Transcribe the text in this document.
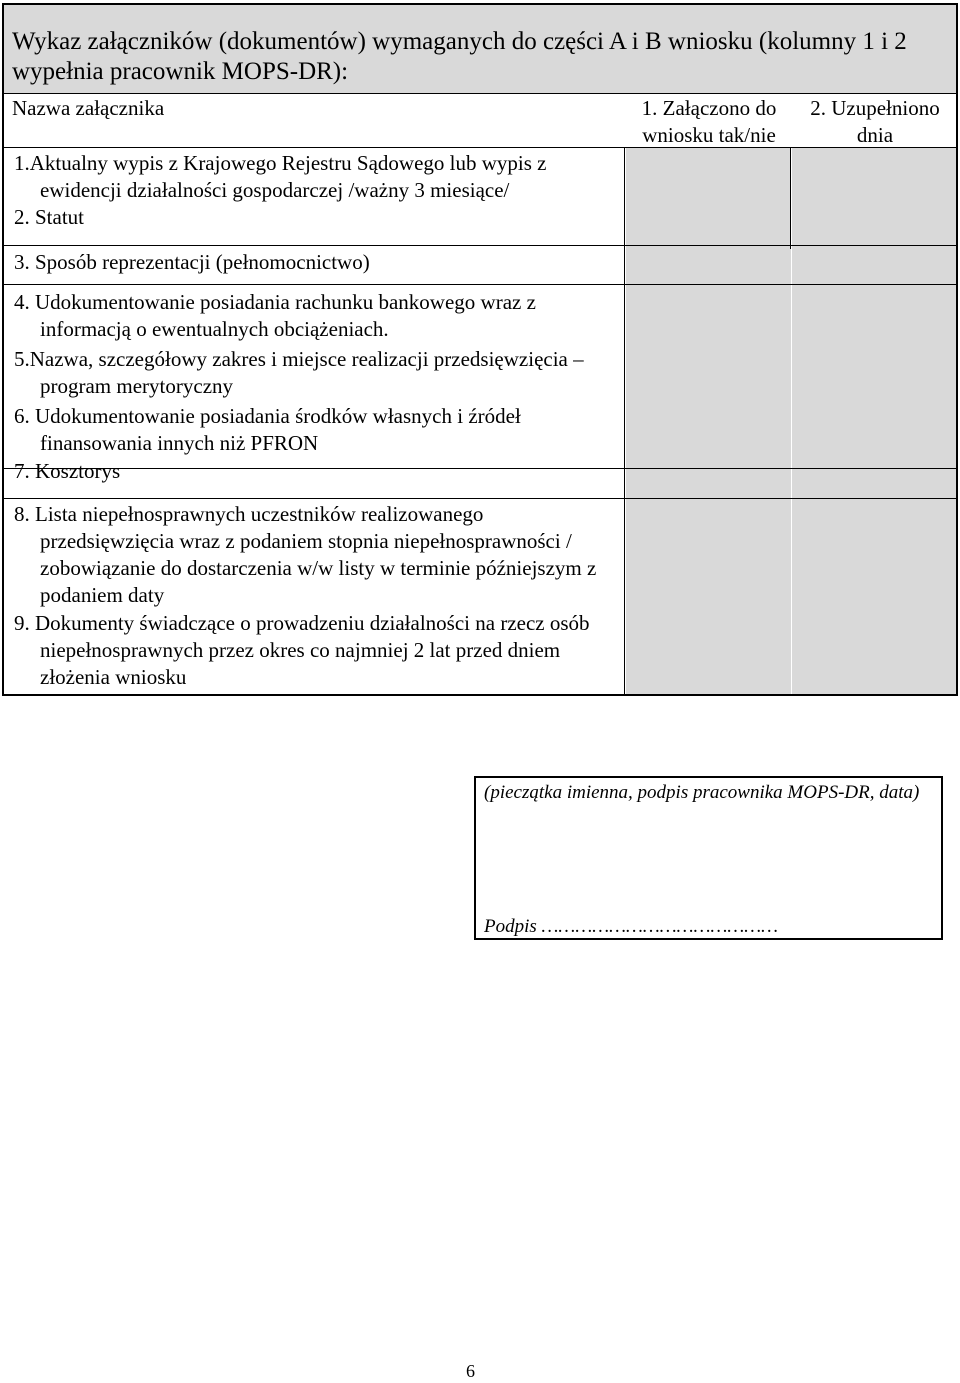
Wykaz załączników (dokumentów) wymaganych do części A i B wniosku (kolumny 1 i 2 wypełnia pracownik MOPS-DR):
Nazwa załącznika	1. Załączono do wniosku tak/nie
2. Uzupełniono dnia
1.Aktualny wypis z Krajowego Rejestru Sądowego lub wypis z ewidencji działalności gospodarczej /ważny 3 miesiące/
2. Statut
3. Sposób reprezentacji (pełnomocnictwo)
4. Udokumentowanie posiadania rachunku bankowego wraz z informacją o ewentualnych obciążeniach.
5.Nazwa, szczegółowy zakres i miejsce realizacji przedsięwzięcia – program merytoryczny
6. Udokumentowanie posiadania środków własnych i źródeł finansowania innych niż PFRON
7. Kosztorys
8. Lista niepełnosprawnych uczestników realizowanego przedsięwzięcia wraz z podaniem stopnia niepełnosprawności / zobowiązanie do dostarczenia w/w listy w terminie późniejszym z podaniem daty
9. Dokumenty świadczące o prowadzeniu działalności na rzecz osób niepełnosprawnych przez okres co najmniej 2 lat przed dniem złożenia wniosku
(pieczątka imienna, podpis pracownika MOPS-DR, data)
Podpis ……………………………………
6
